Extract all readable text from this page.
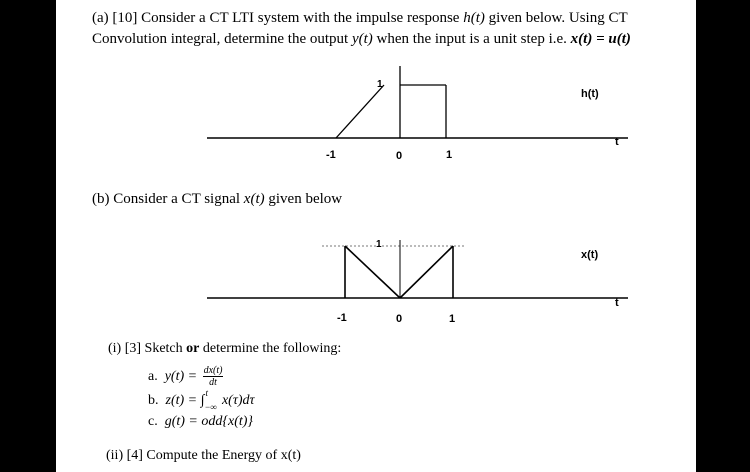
(a) [10] Consider a CT LTI system with the impulse response h(t) given below. Using CT
Convolution integral, determine the output y(t) when the input is a unit step i.e. x(t) = u(t)
1
h(t)
t
-1	0	1
(b) Consider a CT signal x(t) given below
1
x(t)
t
-1	0	1
(i) [3] Sketch or determine the following:
a. $y(t) = \frac{dx(t)}{dt}$
b. z(t) = ∫
t
−∞ x(τ)dτ
c. g(t) = odd{x(t)}
(ii) [4] Compute the Energy of x(t)
